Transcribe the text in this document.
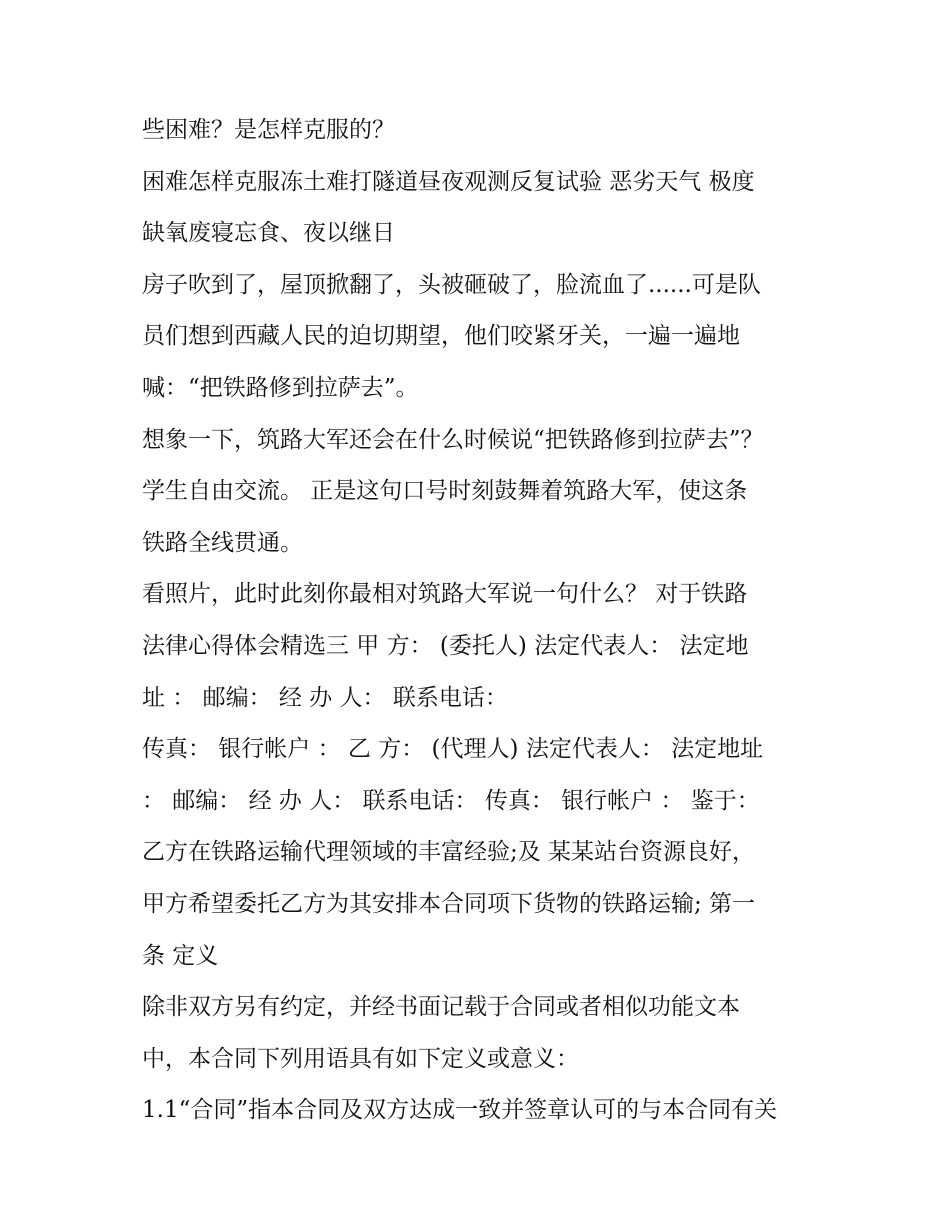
些困难？是怎样克服的？
困难怎样克服冻土难打隧道昼夜观测反复试验 恶劣天气 极度
缺氧废寝忘食、夜以继日
房子吹到了，屋顶掀翻了，头被砸破了，脸流血了......可是队
员们想到西藏人民的迫切期望，他们咬紧牙关，一遍一遍地
喊：“把铁路修到拉萨去”。
想象一下，筑路大军还会在什么时候说“把铁路修到拉萨去”？
学生自由交流。 正是这句口号时刻鼓舞着筑路大军，使这条
铁路全线贯通。
看照片，此时此刻你最相对筑路大军说一句什么？ 对于铁路
法律心得体会精选三 甲 方： (委托人) 法定代表人： 法定地
址 ： 邮编： 经 办 人： 联系电话：
传真： 银行帐户 ： 乙 方： (代理人) 法定代表人： 法定地址
： 邮编： 经 办 人： 联系电话： 传真： 银行帐户 ： 鉴于：
乙方在铁路运输代理领域的丰富经验;及 某某站台资源良好，
甲方希望委托乙方为其安排本合同项下货物的铁路运输; 第一
条 定义
除非双方另有约定，并经书面记载于合同或者相似功能文本
中，本合同下列用语具有如下定义或意义：
1.1“合同”指本合同及双方达成一致并签章认可的与本合同有关
